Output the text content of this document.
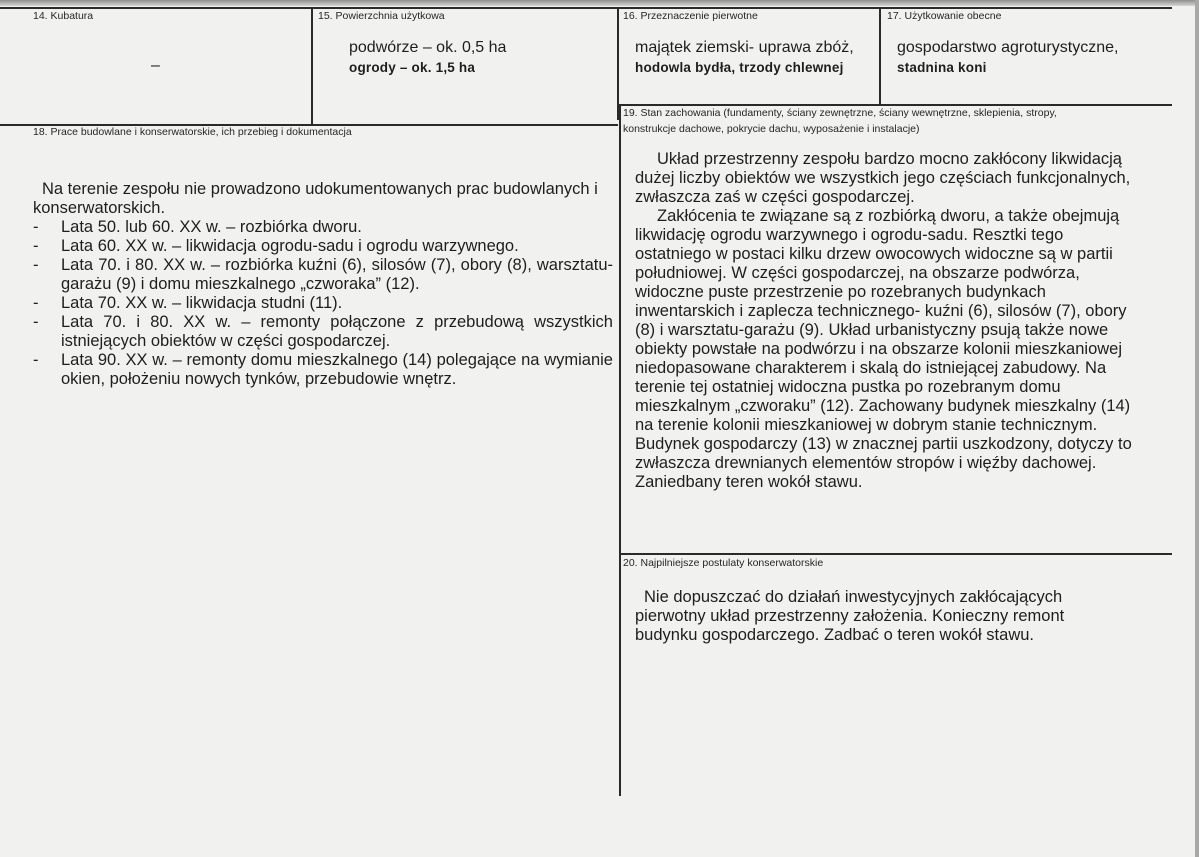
14. Kubatura
–
15. Powierzchnia użytkowa
podwórze – ok. 0,5 ha
ogrody – ok. 1,5 ha
16. Przeznaczenie pierwotne
majątek ziemski- uprawa zbóż,
hodowla bydła, trzody chlewnej
17. Użytkowanie obecne
gospodarstwo agroturystyczne,
stadnina koni
18. Prace budowlane i konserwatorskie, ich przebieg i dokumentacja

Na terenie zespołu nie prowadzono udokumentowanych prac budowlanych i konserwatorskich.

- Lata 50. lub 60. XX w. – rozbiórka dworu.
- Lata 60. XX w. – likwidacja ogrodu-sadu i ogrodu warzywnego.
- Lata 70. i 80. XX w. – rozbiórka kuźni (6), silosów (7), obory (8), warsztatu-garażu (9) i domu mieszkalnego „czworaka” (12).
- Lata 70. XX w. – likwidacja studni (11).
- Lata 70. i 80. XX w. – remonty połączone z przebudową wszystkich istniejących obiektów w części gospodarczej.
- Lata 90. XX w. – remonty domu mieszkalnego (14) polegające na wymianie okien, położeniu nowych tynków, przebudowie wnętrz.
19. Stan zachowania (fundamenty, ściany zewnętrzne, ściany wewnętrzne, sklepienia, stropy, konstrukcje dachowe, pokrycie dachu, wyposażenie i instalacje)

Układ przestrzenny zespołu bardzo mocno zakłócony likwidacją dużej liczby obiektów we wszystkich jego częściach funkcjonalnych, zwłaszcza zaś w części gospodarczej.

Zakłócenia te związane są z rozbiórką dworu, a także obejmują likwidację ogrodu warzywnego i ogrodu-sadu. Resztki tego ostatniego w postaci kilku drzew owocowych widoczne są w partii południowej. W części gospodarczej, na obszarze podwórza, widoczne puste przestrzenie po rozebranych budynkach inwentarskich i zaplecza technicznego- kuźni (6), silosów (7), obory (8) i warsztatu-garażu (9). Układ urbanistyczny psują także nowe obiekty powstałe na podwórzu i na obszarze kolonii mieszkaniowej niedopasowane charakterem i skalą do istniejącej zabudowy. Na terenie tej ostatniej widoczna pustka po rozebranym domu mieszkalnym „czworaku” (12). Zachowany budynek mieszkalny (14) na terenie kolonii mieszkaniowej w dobrym stanie technicznym. Budynek gospodarczy (13) w znacznej partii uszkodzony, dotyczy to zwłaszcza drewnianych elementów stropów i więźby dachowej. Zaniedbany teren wokół stawu.

20. Najpilniejsze postulaty konserwatorskie

Nie dopuszczać do działań inwestycyjnych zakłócających pierwotny układ przestrzenny założenia. Konieczny remont budynku gospodarczego. Zadbać o teren wokół stawu.
